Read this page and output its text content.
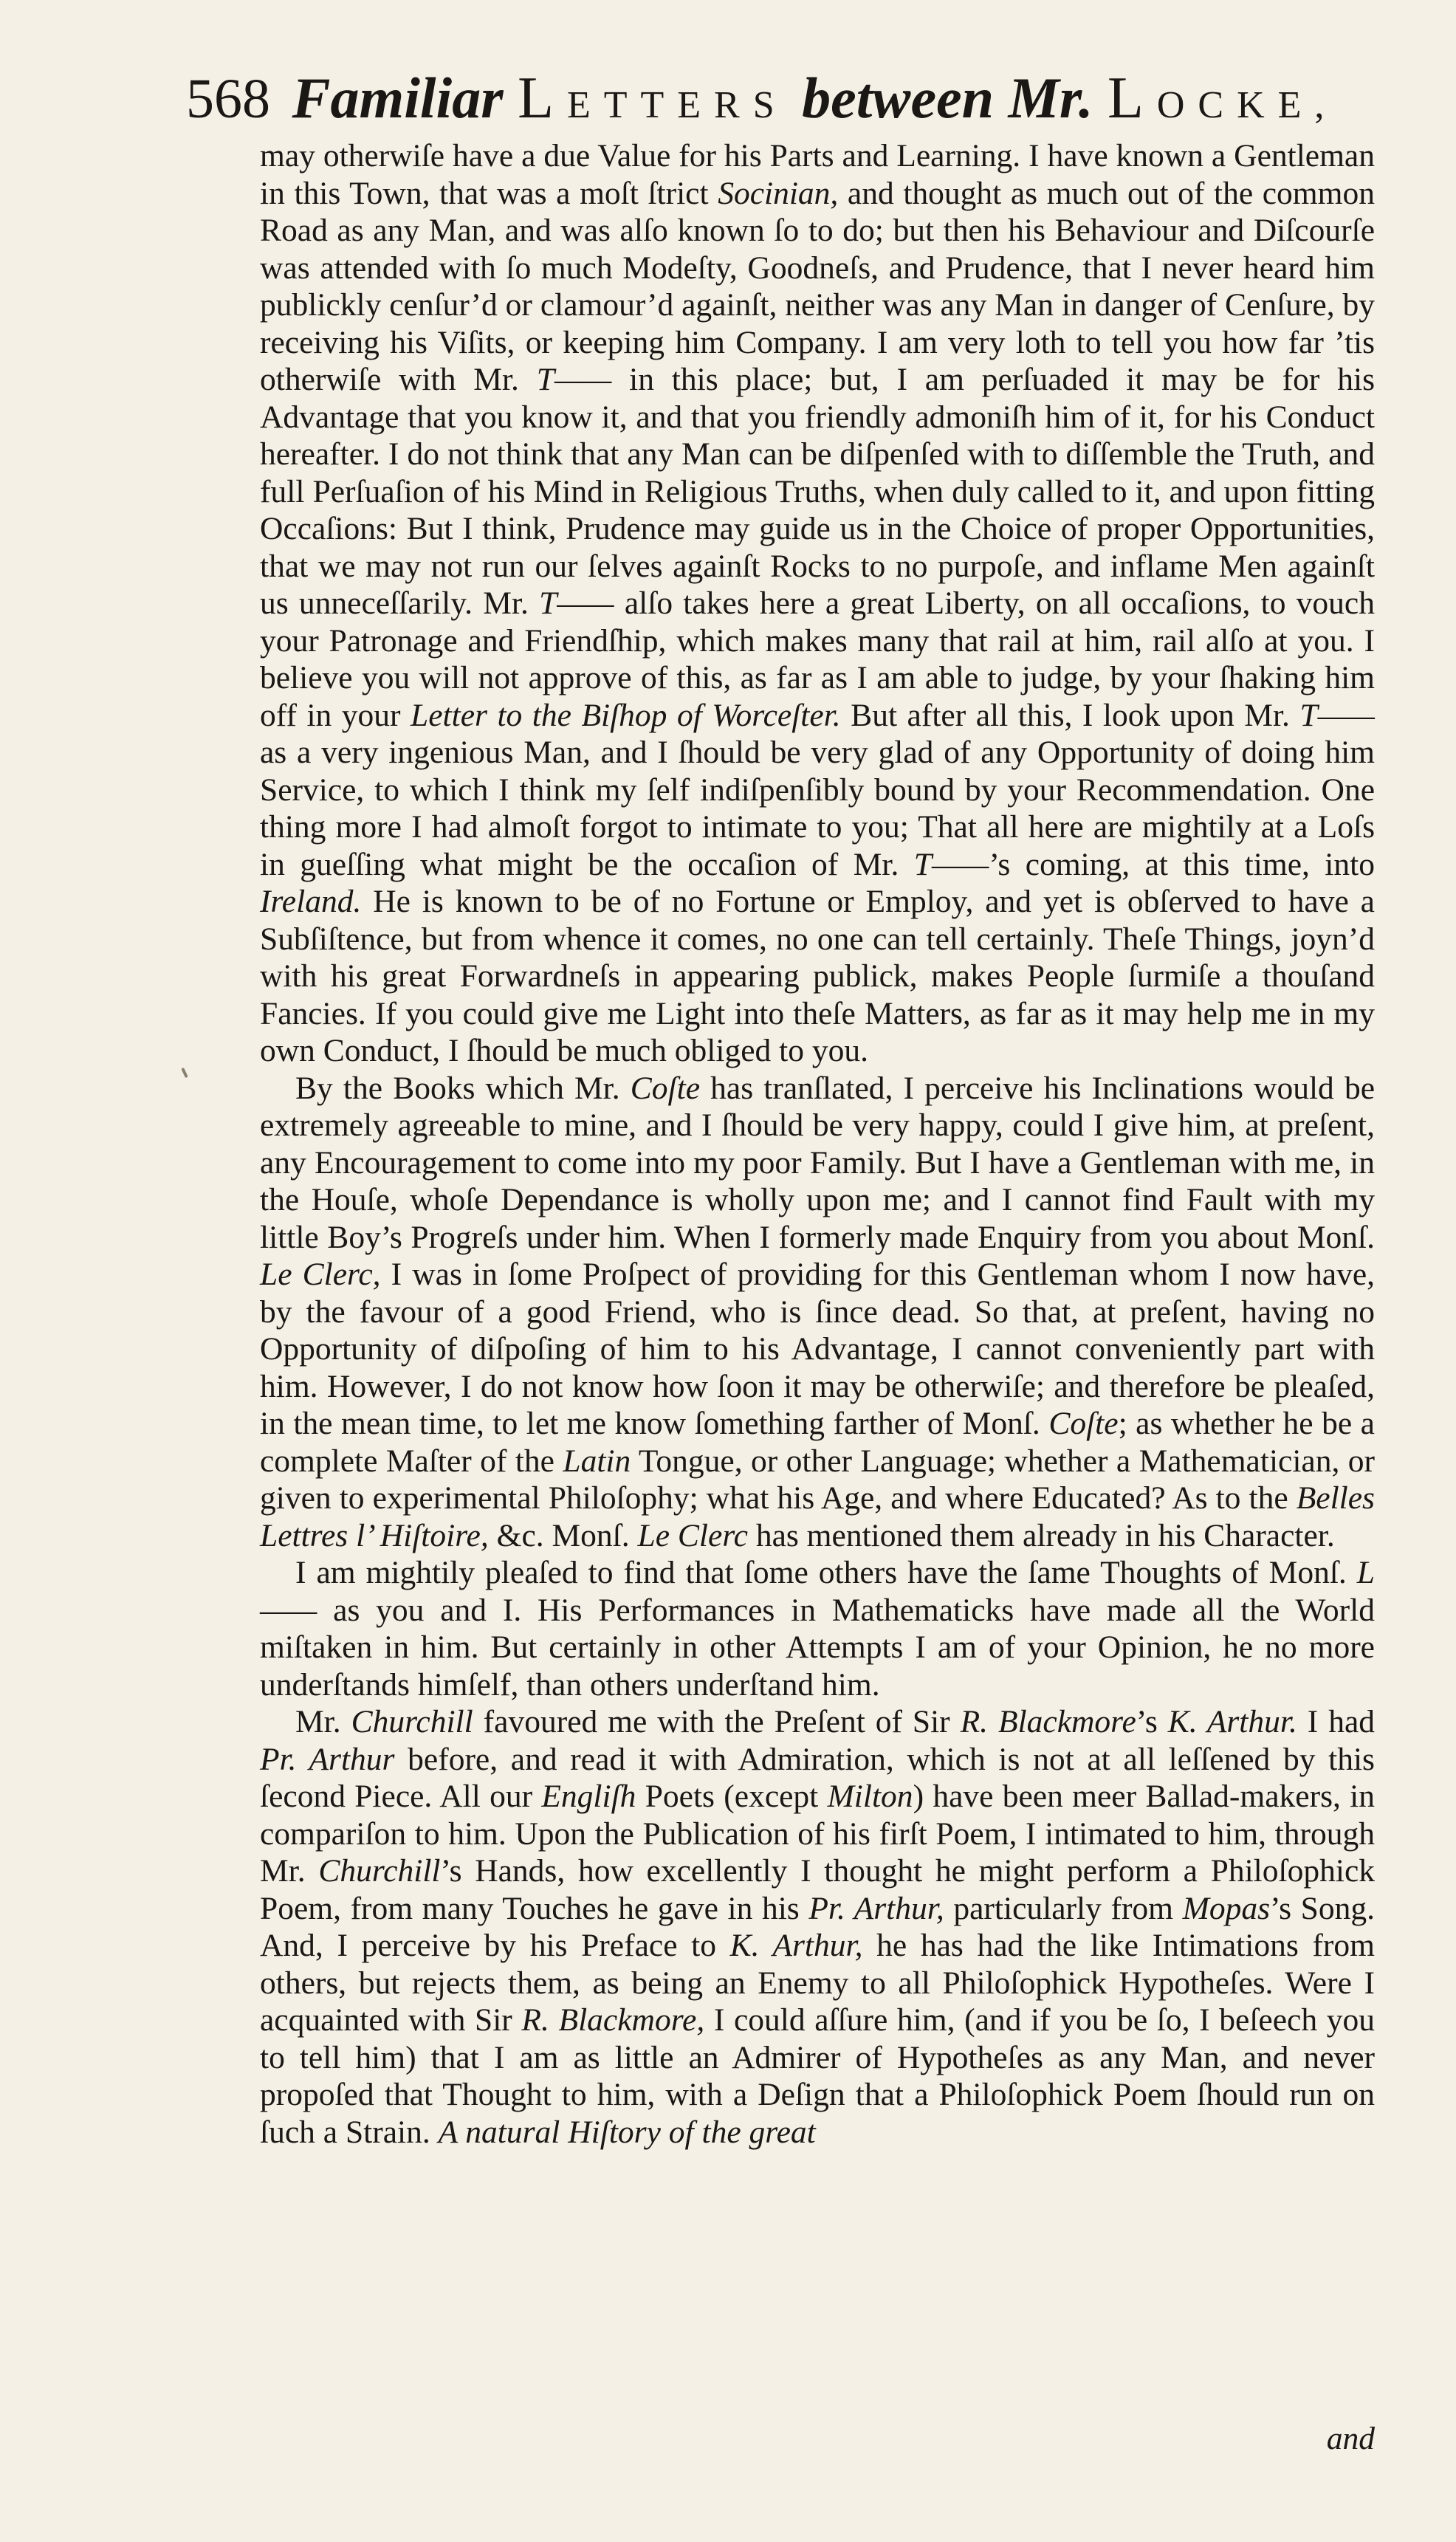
568 Familiar LETTERS between Mr. LOCKE,

may otherwiſe have a due Value for his Parts and Learning. I have known a Gentleman in this Town, that was a moſt ſtrict Socinian, and thought as much out of the common Road as any Man, and was alſo known ſo to do; but then his Behaviour and Diſcourſe was attended with ſo much Modeſty, Goodneſs, and Prudence, that I never heard him publickly cenſur’d or clamour’d againſt, neither was any Man in danger of Cenſure, by receiving his Viſits, or keeping him Company. I am very loth to tell you how far ’tis otherwiſe with Mr. T—— in this place; but, I am perſuaded it may be for his Advantage that you know it, and that you friendly admoniſh him of it, for his Conduct hereafter. I do not think that any Man can be diſpenſed with to diſſemble the Truth, and full Perſuaſion of his Mind in Religious Truths, when duly called to it, and upon fitting Occaſions: But I think, Prudence may guide us in the Choice of proper Opportunities, that we may not run our ſelves againſt Rocks to no purpoſe, and inflame Men againſt us unneceſſarily. Mr. T—— alſo takes here a great Liberty, on all occaſions, to vouch your Patronage and Friendſhip, which makes many that rail at him, rail alſo at you. I believe you will not approve of this, as far as I am able to judge, by your ſhaking him off in your Letter to the Biſhop of Worceſter. But after all this, I look upon Mr. T—— as a very ingenious Man, and I ſhould be very glad of any Opportunity of doing him Service, to which I think my ſelf indiſpenſibly bound by your Recommendation. One thing more I had almoſt forgot to intimate to you; That all here are mightily at a Loſs in gueſſing what might be the occaſion of Mr. T——’s coming, at this time, into Ireland. He is known to be of no Fortune or Employ, and yet is obſerved to have a Subſiſtence, but from whence it comes, no one can tell certainly. Theſe Things, joyn’d with his great Forwardneſs in appearing publick, makes People ſurmiſe a thouſand Fancies. If you could give me Light into theſe Matters, as far as it may help me in my own Conduct, I ſhould be much obliged to you.

By the Books which Mr. Coſte has tranſlated, I perceive his Inclinations would be extremely agreeable to mine, and I ſhould be very happy, could I give him, at preſent, any Encouragement to come into my poor Family. But I have a Gentleman with me, in the Houſe, whoſe Dependance is wholly upon me; and I cannot find Fault with my little Boy’s Progreſs under him. When I formerly made Enquiry from you about Monſ. Le Clerc, I was in ſome Proſpect of providing for this Gentleman whom I now have, by the favour of a good Friend, who is ſince dead. So that, at preſent, having no Opportunity of diſpoſing of him to his Advantage, I cannot conveniently part with him. However, I do not know how ſoon it may be otherwiſe; and therefore be pleaſed, in the mean time, to let me know ſomething farther of Monſ. Coſte; as whether he be a complete Maſter of the Latin Tongue, or other Language; whether a Mathematician, or given to experimental Philoſophy; what his Age, and where Educated? As to the Belles Lettres l’ Hiſtoire, &c. Monſ. Le Clerc has mentioned them already in his Character.

I am mightily pleaſed to find that ſome others have the ſame Thoughts of Monſ. L—— as you and I. His Performances in Mathematicks have made all the World miſtaken in him. But certainly in other Attempts I am of your Opinion, he no more underſtands himſelf, than others underſtand him.

Mr. Churchill favoured me with the Preſent of Sir R. Blackmore’s K. Arthur. I had Pr. Arthur before, and read it with Admiration, which is not at all leſſened by this ſecond Piece. All our Engliſh Poets (except Milton) have been meer Ballad-makers, in compariſon to him. Upon the Publication of his firſt Poem, I intimated to him, through Mr. Churchill’s Hands, how excellently I thought he might perform a Philoſophick Poem, from many Touches he gave in his Pr. Arthur, particularly from Mopas’s Song. And, I perceive by his Preface to K. Arthur, he has had the like Intimations from others, but rejects them, as being an Enemy to all Philoſophick Hypotheſes. Were I acquainted with Sir R. Blackmore, I could aſſure him, (and if you be ſo, I beſeech you to tell him) that I am as little an Admirer of Hypotheſes as any Man, and never propoſed that Thought to him, with a Deſign that a Philoſophick Poem ſhould run on ſuch a Strain. A natural Hiſtory of the great

and
